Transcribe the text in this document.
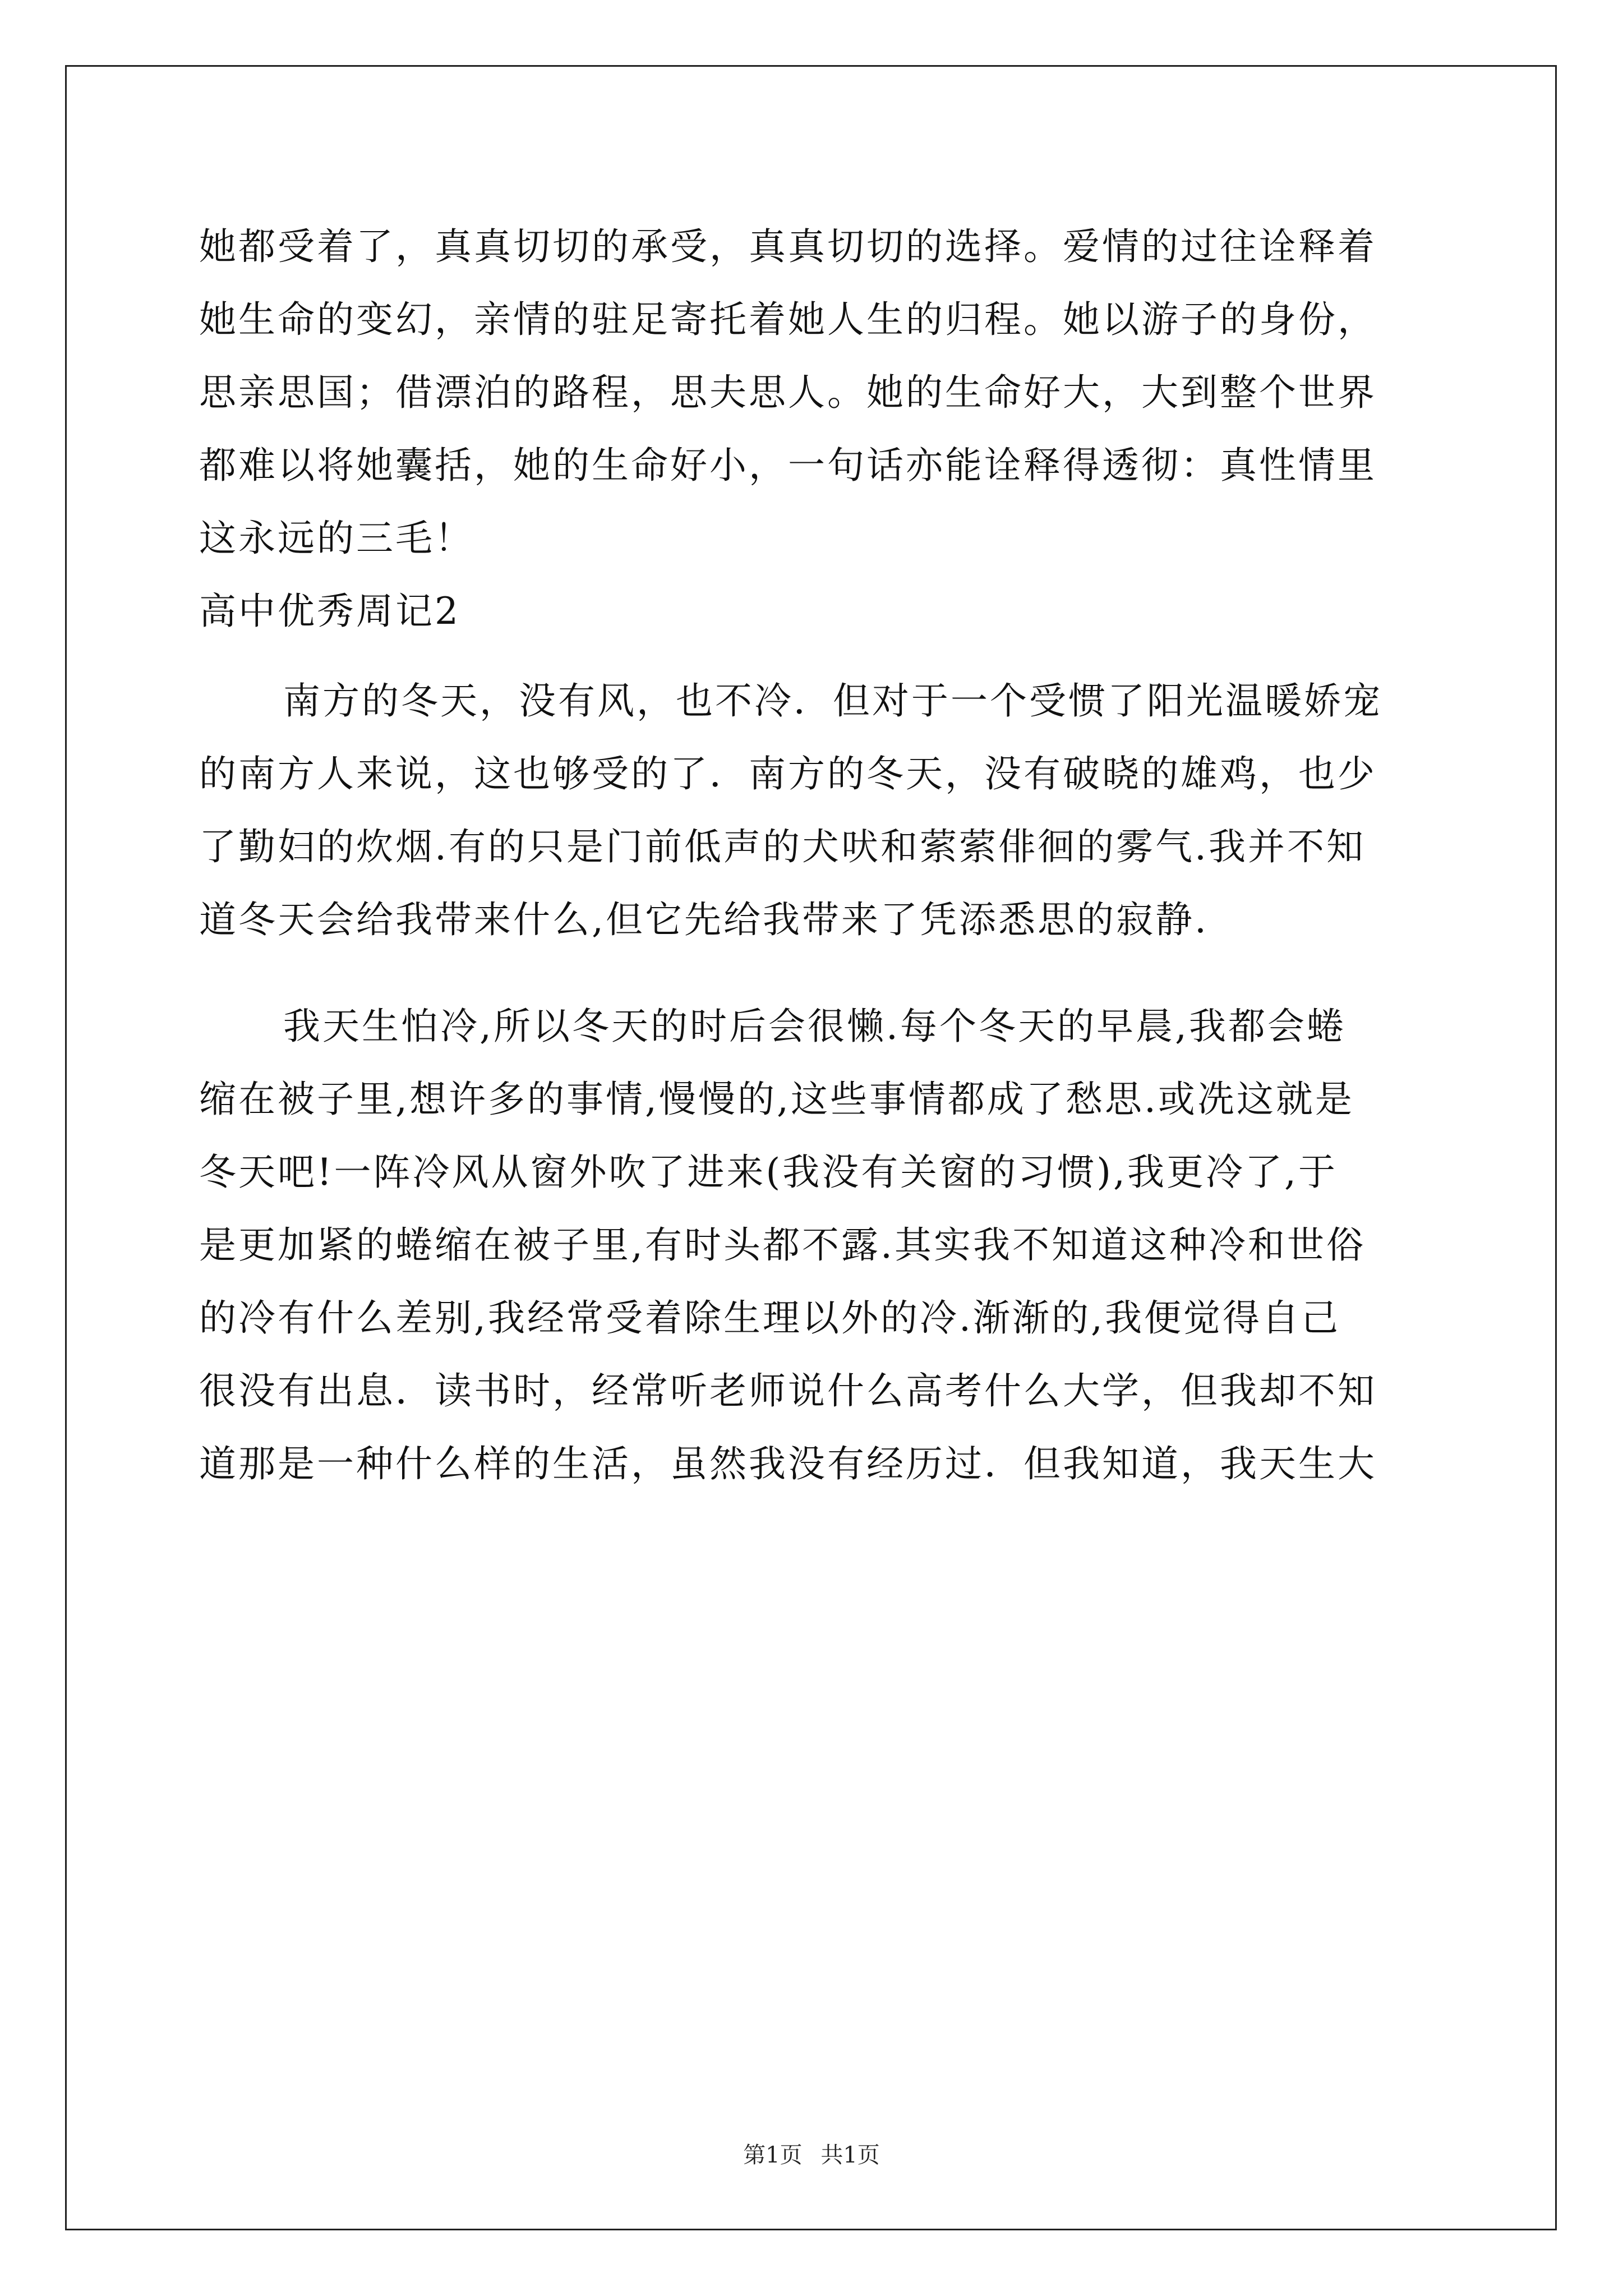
她都受着了，真真切切的承受，真真切切的选择。爱情的过往诠释着
她生命的变幻，亲情的驻足寄托着她人生的归程。她以游子的身份，
思亲思国；借漂泊的路程，思夫思人。她的生命好大，大到整个世界
都难以将她囊括，她的生命好小，一句话亦能诠释得透彻：真性情里
这永远的三毛！
高中优秀周记2
南方的冬天，没有风，也不冷．但对于一个受惯了阳光温暖娇宠
的南方人来说，这也够受的了．南方的冬天，没有破晓的雄鸡，也少
了勤妇的炊烟.有的只是门前低声的犬吠和萦萦俳徊的雾气.我并不知
道冬天会给我带来什么,但它先给我带来了凭添悉思的寂静.
我天生怕冷,所以冬天的时后会很懒.每个冬天的早晨,我都会蜷
缩在被子里,想许多的事情,慢慢的,这些事情都成了愁思.或冼这就是
冬天吧!一阵冷风从窗外吹了进来(我没有关窗的习惯),我更冷了,于
是更加紧的蜷缩在被子里,有时头都不露.其实我不知道这种冷和世俗
的冷有什么差别,我经常受着除生理以外的冷.渐渐的,我便觉得自己
很没有出息．读书时，经常听老师说什么高考什么大学，但我却不知
道那是一种什么样的生活，虽然我没有经历过．但我知道，我天生大
第1页 共1页
